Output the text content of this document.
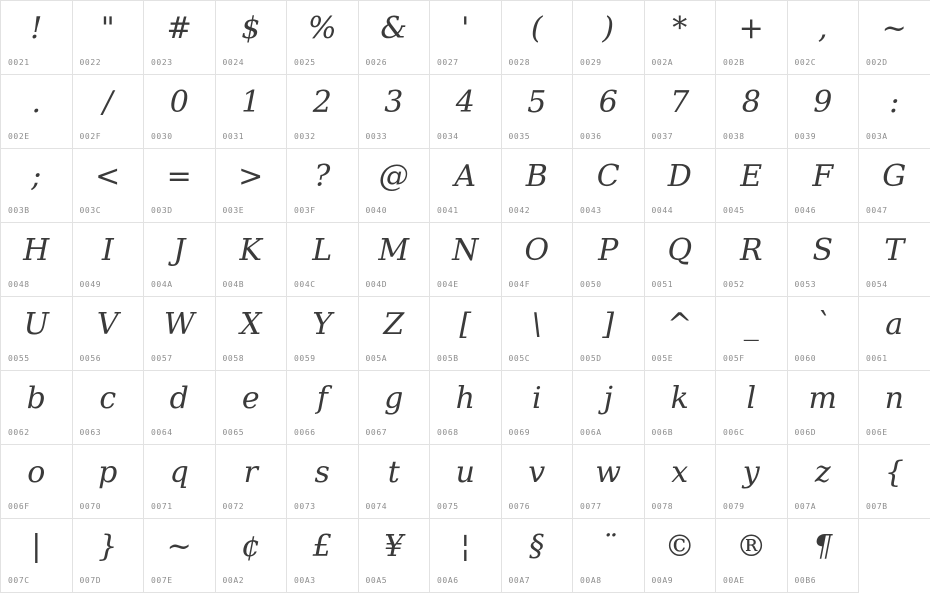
!
0021
"
0022
#
0023
$
0024
%
0025
&
0026
'
0027
(
0028
)
0029
*
002A
+
002B
,
002C
~
002D
.
002E
/
002F
0
0030
1
0031
2
0032
3
0033
4
0034
5
0035
6
0036
7
0037
8
0038
9
0039
:
003A
;
003B
<
003C
=
003D
>
003E
?
003F
@
0040
A
0041
B
0042
C
0043
D
0044
E
0045
F
0046
G
0047
H
0048
I
0049
J
004A
K
004B
L
004C
M
004D
N
004E
O
004F
P
0050
Q
0051
R
0052
S
0053
T
0054
U
0055
V
0056
W
0057
X
0058
Y
0059
Z
005A
[
005B
\
005C
]
005D
^
005E
_
005F
`
0060
a
0061
b
0062
c
0063
d
0064
e
0065
f
0066
g
0067
h
0068
i
0069
j
006A
k
006B
l
006C
m
006D
n
006E
o
006F
p
0070
q
0071
r
0072
s
0073
t
0074
u
0075
v
0076
w
0077
x
0078
y
0079
z
007A
{
007B
|
007C
}
007D
~
007E
¢
00A2
£
00A3
¥
00A5
¦
00A6
§
00A7
¨
00A8
©
00A9
®
00AE
¶
00B6
